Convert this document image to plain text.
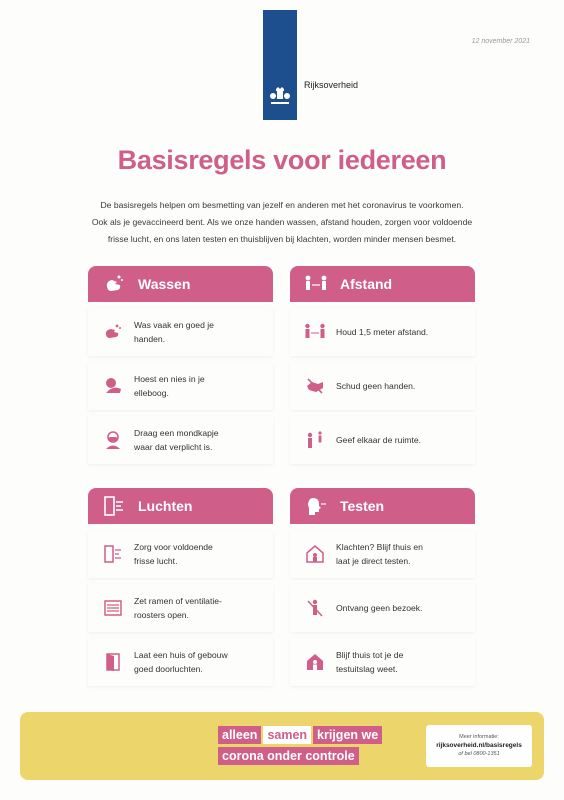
Rijksoverheid
12 november 2021
Basisregels voor iedereen
De basisregels helpen om besmetting van jezelf en anderen met het coronavirus te voorkomen.
Ook als je gevaccineerd bent. Als we onze handen wassen, afstand houden, zorgen voor voldoende
frisse lucht, en ons laten testen en thuisblijven bij klachten, worden minder mensen besmet.
Wassen
Was vaak en goed je
handen.
Hoest en nies in je
elleboog.
Draag een mondkapje
waar dat verplicht is.
Afstand
Houd 1,5 meter afstand.
Schud geen handen.
Geef elkaar de ruimte.
Luchten
Zorg voor voldoende
frisse lucht.
Zet ramen of ventilatie-
roosters open.
Laat een huis of gebouw
goed doorluchten.
Testen
Klachten? Blijf thuis en
laat je direct testen.
Ontvang geen bezoek.
Blijf thuis tot je de
testuitslag weet.
alleen samen krijgen we
corona onder controle
Meer informatie:
rijksoverheid.nl/basisregels
of bel 0800-1351
